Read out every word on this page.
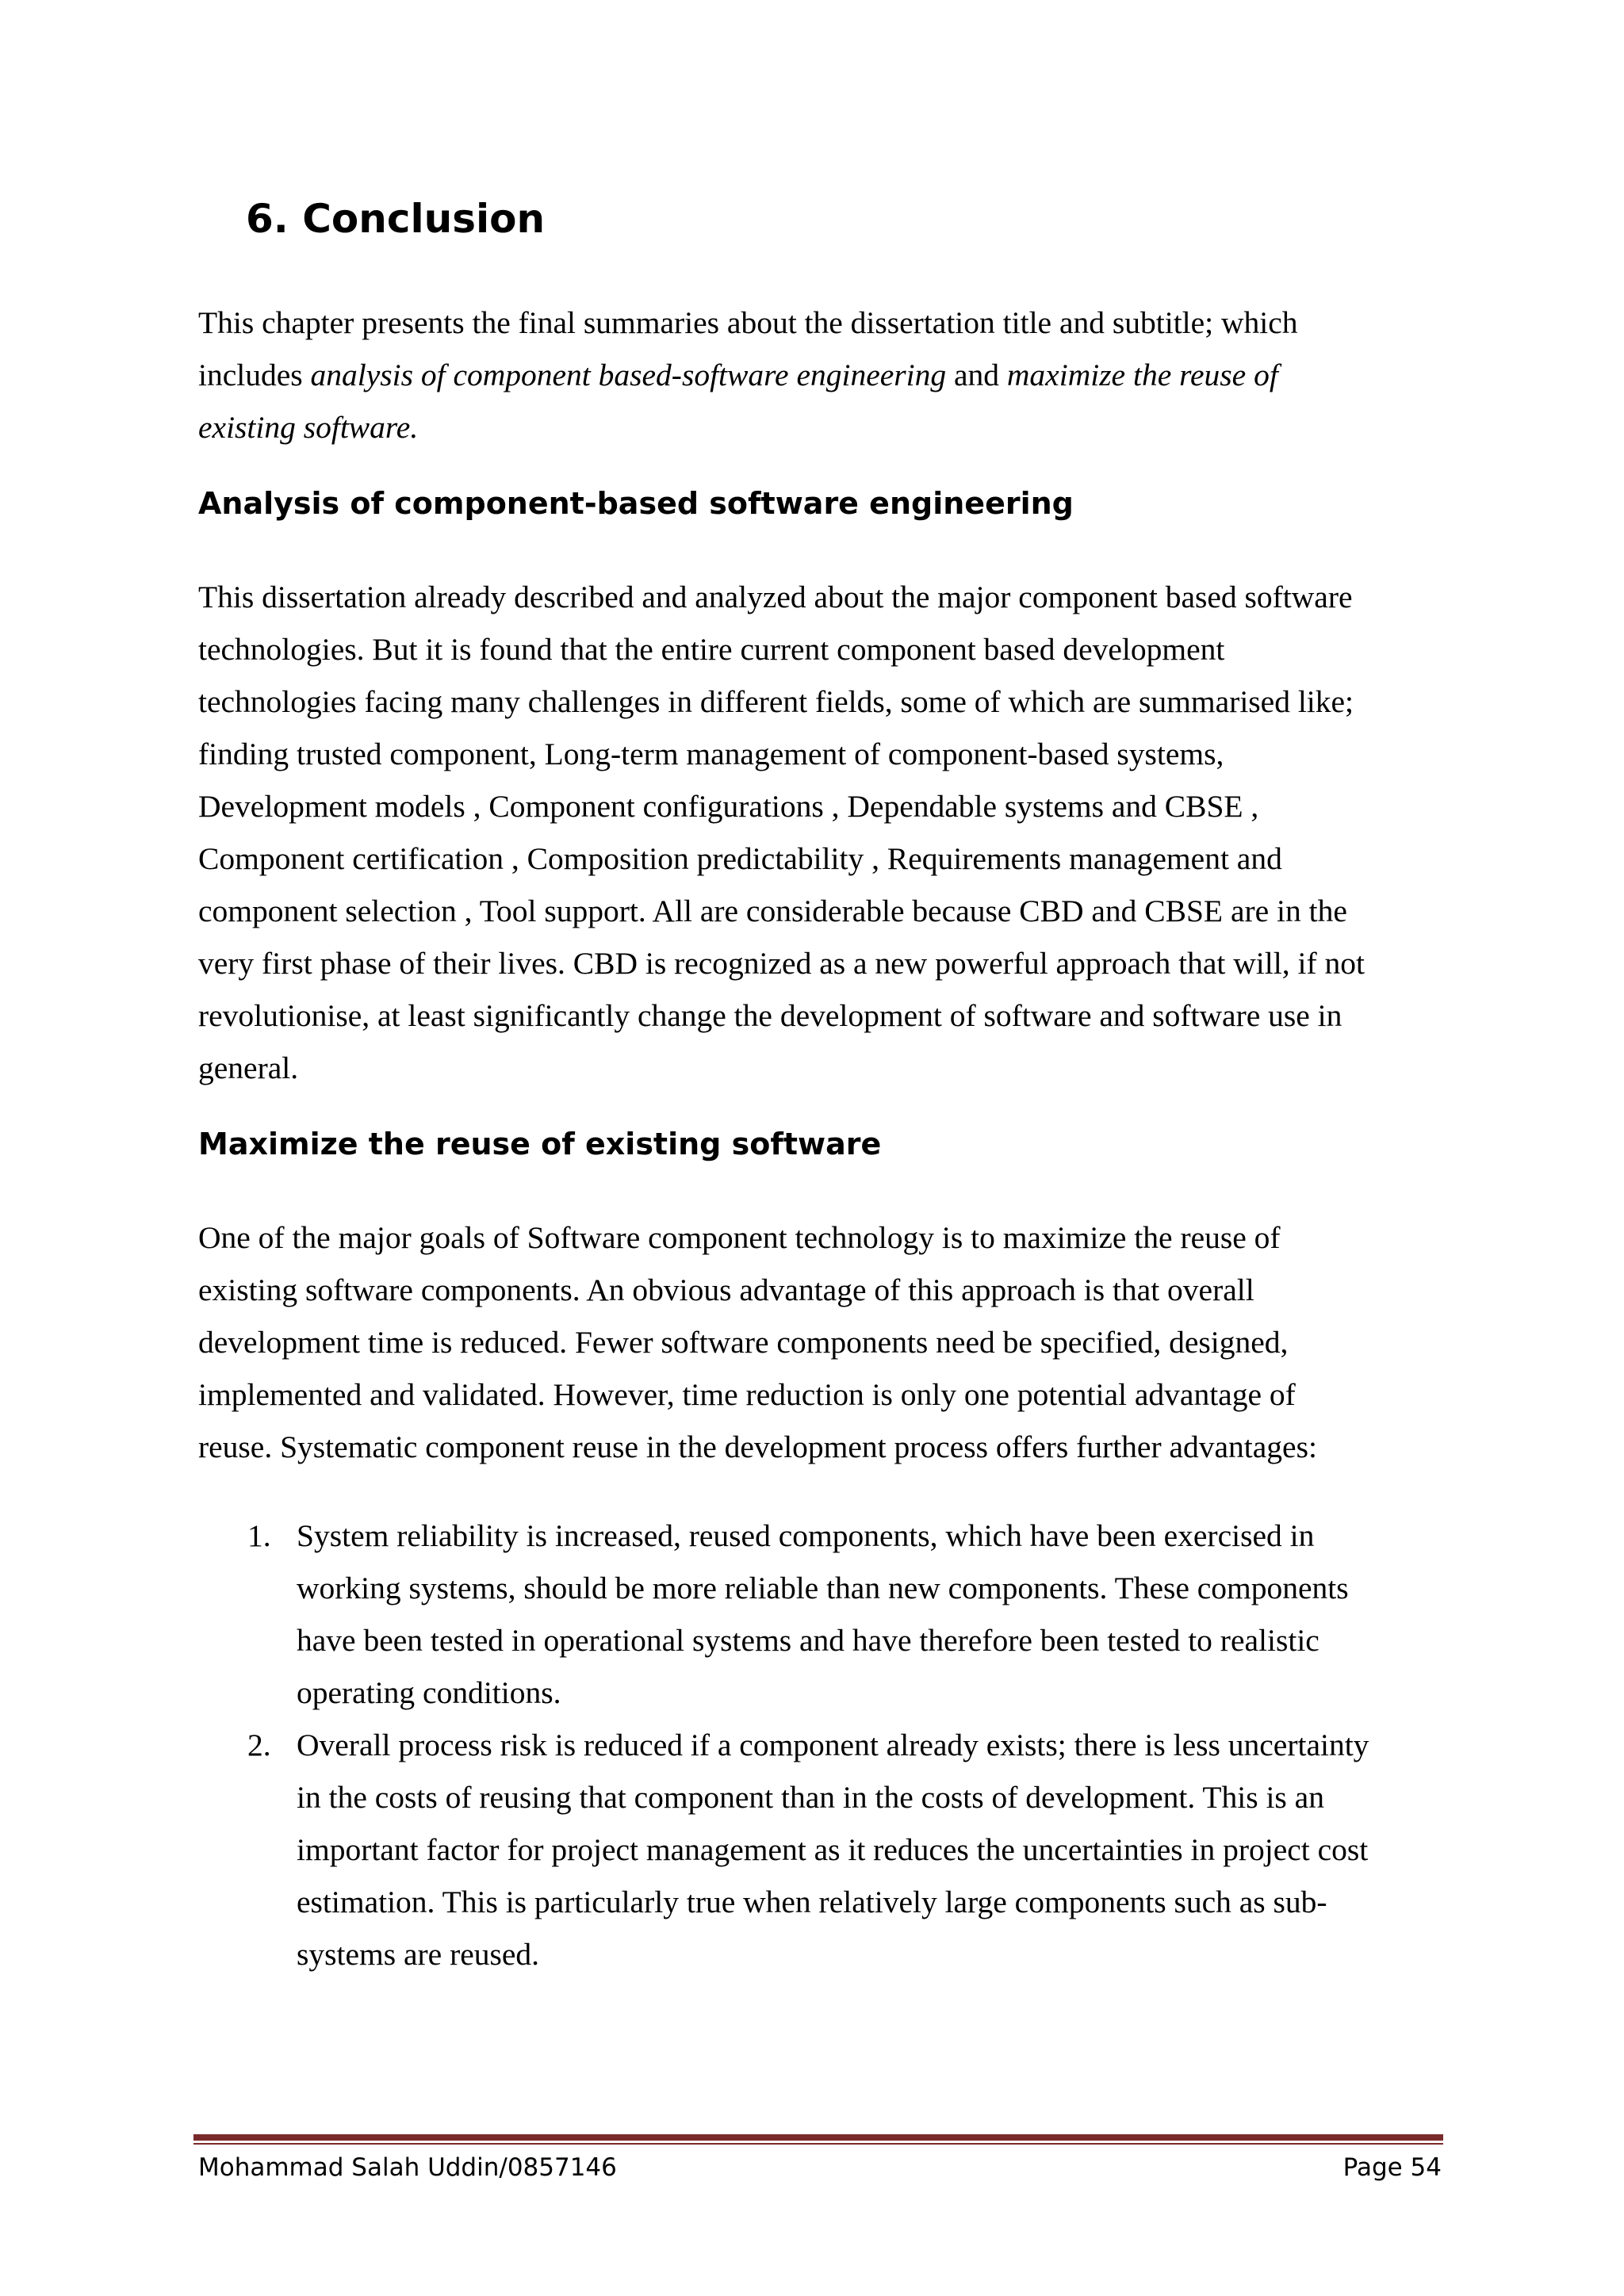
6. Conclusion

This chapter presents the final summaries about the dissertation title and subtitle; which
includes analysis of component based-software engineering and maximize the reuse of
existing software.

Analysis of component-based software engineering

This dissertation already described and analyzed about the major component based software
technologies. But it is found that the entire current component based development
technologies facing many challenges in different fields, some of which are summarised like;
finding trusted component, Long-term management of component-based systems,
Development models , Component configurations , Dependable systems and CBSE ,
Component certification , Composition predictability , Requirements management and
component selection , Tool support. All are considerable because CBD and CBSE are in the
very first phase of their lives. CBD is recognized as a new powerful approach that will, if not
revolutionise, at least significantly change the development of software and software use in
general.

Maximize the reuse of existing software

One of the major goals of Software component technology is to maximize the reuse of
existing software components. An obvious advantage of this approach is that overall
development time is reduced. Fewer software components need be specified, designed,
implemented and validated. However, time reduction is only one potential advantage of
reuse. Systematic component reuse in the development process offers further advantages:

1. System reliability is increased, reused components, which have been exercised in
working systems, should be more reliable than new components. These components
have been tested in operational systems and have therefore been tested to realistic
operating conditions.
2. Overall process risk is reduced if a component already exists; there is less uncertainty
in the costs of reusing that component than in the costs of development. This is an
important factor for project management as it reduces the uncertainties in project cost
estimation. This is particularly true when relatively large components such as sub-
systems are reused.
Mohammad Salah Uddin/0857146	Page 54
